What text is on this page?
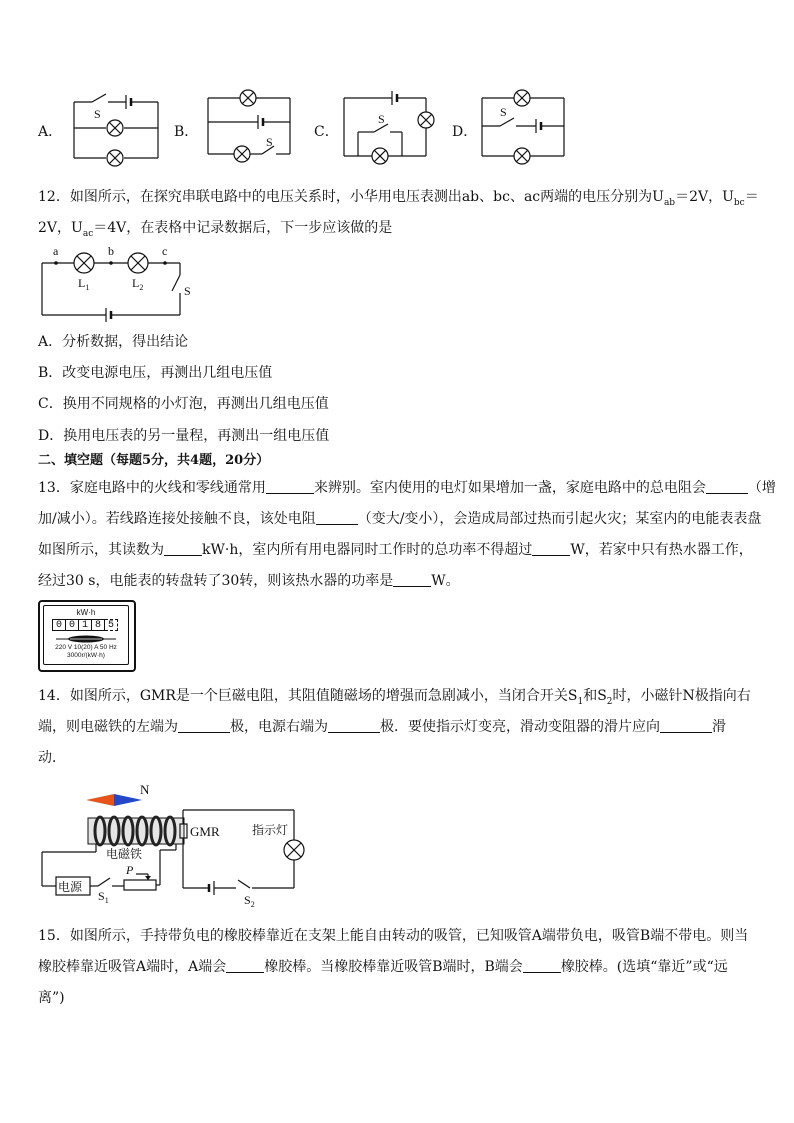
A．	B．	C．	D．
S
S
S	S
12．如图所示，在探究串联电路中的电压关系时，小华用电压表测出ab、bc、ac两端的电压分别为$U_{ab}=2V$，$U_{bc}=$
2V，$U_{ac}=4V$，在表格中记录数据后，下一步应该做的是
a	b	c
$L_1$	$L_2$	S
A．分析数据，得出结论
B．改变电源电压，再测出几组电压值
C．换用不同规格的小灯泡，再测出几组电压值
D．换用电压表的另一量程，再测出一组电压值
二、填空题（每题5分，共4题，20分）
13．家庭电路中的火线和零线通常用	来辨别。室内使用的电灯如果增加一盏，家庭电路中的总电阻会	（增
加/减小）。若线路连接处接触不良，该处电阻	（变大/变小），会造成局部过热而引起火灾；某室内的电能表表盘
如图所示，其读数为	kW·h，室内所有用电器同时工作时的总功率不得超过	W，若家中只有热水器工作，
经过30 s，电能表的转盘转了30转，则该热水器的功率是	W。
kW·h
0 0 1 8 5
220 V 10(20) A 50 Hz
3000r/(kW·h)
14．如图所示，GMR是一个巨磁电阻，其阻值随磁场的增强而急剧减小，当闭合开关$S_1$和$S_2$时，小磁针N极指向右
端，则电磁铁的左端为	极，电源右端为	极．要使指示灯变亮，滑动变阻器的滑片应向	滑
动．
N
电磁铁
电源
P
$S_1$
GMR	指示灯
$S_2$
15．如图所示，手持带负电的橡胶棒靠近在支架上能自由转动的吸管，已知吸管A端带负电，吸管B端不带电。则当
橡胶棒靠近吸管A端时，A端会	橡胶棒。当橡胶棒靠近吸管B端时，B端会	橡胶棒。(选填“靠近”或“远
离”)
